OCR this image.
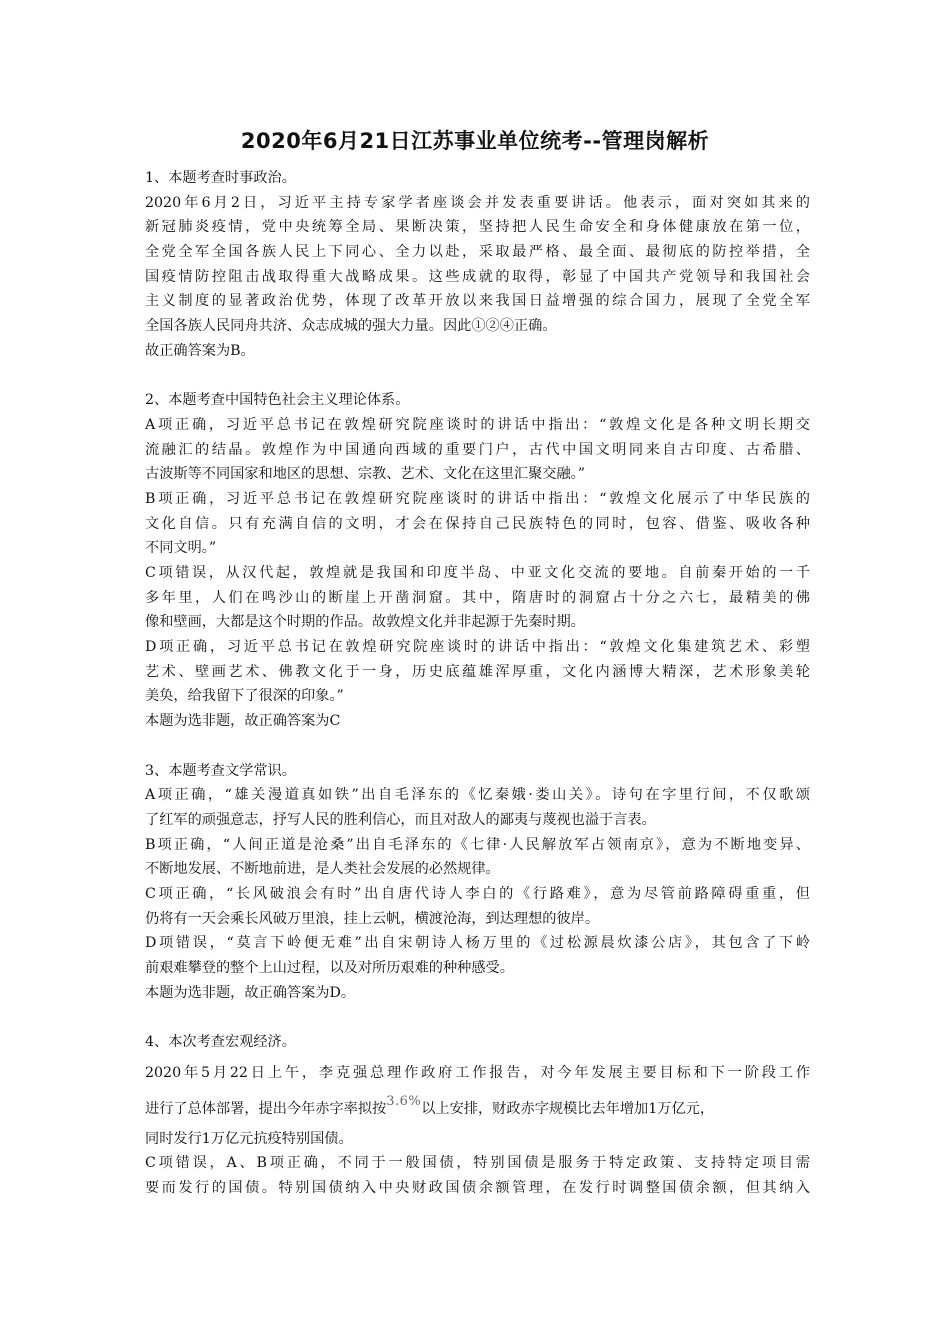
2020年6月21日江苏事业单位统考--管理岗解析
1、本题考查时事政治。
2020年6月2日，习近平主持专家学者座谈会并发表重要讲话。他表示，面对突如其来的
新冠肺炎疫情，党中央统筹全局、果断决策，坚持把人民生命安全和身体健康放在第一位，
全党全军全国各族人民上下同心、全力以赴，采取最严格、最全面、最彻底的防控举措，全
国疫情防控阻击战取得重大战略成果。这些成就的取得，彰显了中国共产党领导和我国社会
主义制度的显著政治优势，体现了改革开放以来我国日益增强的综合国力，展现了全党全军
全国各族人民同舟共济、众志成城的强大力量。因此①②④正确。
故正确答案为B。
2、本题考查中国特色社会主义理论体系。
A项正确，习近平总书记在敦煌研究院座谈时的讲话中指出：“敦煌文化是各种文明长期交
流融汇的结晶。敦煌作为中国通向西域的重要门户，古代中国文明同来自古印度、古希腊、
古波斯等不同国家和地区的思想、宗教、艺术、文化在这里汇聚交融。”
B项正确，习近平总书记在敦煌研究院座谈时的讲话中指出：“敦煌文化展示了中华民族的
文化自信。只有充满自信的文明，才会在保持自己民族特色的同时，包容、借鉴、吸收各种
不同文明。”
C项错误，从汉代起，敦煌就是我国和印度半岛、中亚文化交流的要地。自前秦开始的一千
多年里，人们在鸣沙山的断崖上开凿洞窟。其中，隋唐时的洞窟占十分之六七，最精美的佛
像和壁画，大都是这个时期的作品。故敦煌文化并非起源于先秦时期。
D项正确，习近平总书记在敦煌研究院座谈时的讲话中指出：“敦煌文化集建筑艺术、彩塑
艺术、壁画艺术、佛教文化于一身，历史底蕴雄浑厚重，文化内涵博大精深，艺术形象美轮
美奂，给我留下了很深的印象。”
本题为选非题，故正确答案为C
3、本题考查文学常识。
A项正确，“雄关漫道真如铁”出自毛泽东的《忆秦娥·娄山关》。诗句在字里行间，不仅歌颂
了红军的顽强意志，抒写人民的胜利信心，而且对敌人的鄙夷与蔑视也溢于言表。
B项正确，“人间正道是沧桑”出自毛泽东的《七律·人民解放军占领南京》，意为不断地变异、
不断地发展、不断地前进，是人类社会发展的必然规律。
C项正确，“长风破浪会有时”出自唐代诗人李白的《行路难》，意为尽管前路障碍重重，但
仍将有一天会乘长风破万里浪，挂上云帆，横渡沧海，到达理想的彼岸。
D项错误，“莫言下岭便无难”出自宋朝诗人杨万里的《过松源晨炊漆公店》，其包含了下岭
前艰难攀登的整个上山过程，以及对所历艰难的种种感受。
本题为选非题，故正确答案为D。
4、本次考查宏观经济。
2020年5月22日上午，李克强总理作政府工作报告，对今年发展主要目标和下一阶段工作
进行了总体部署，提出今年赤字率拟按3.6%以上安排，财政赤字规模比去年增加1万亿元，
同时发行1万亿元抗疫特别国债。
C项错误，A、B项正确，不同于一般国债，特别国债是服务于特定政策、支持特定项目需
要而发行的国债。特别国债纳入中央财政国债余额管理，在发行时调整国债余额，但其纳入
